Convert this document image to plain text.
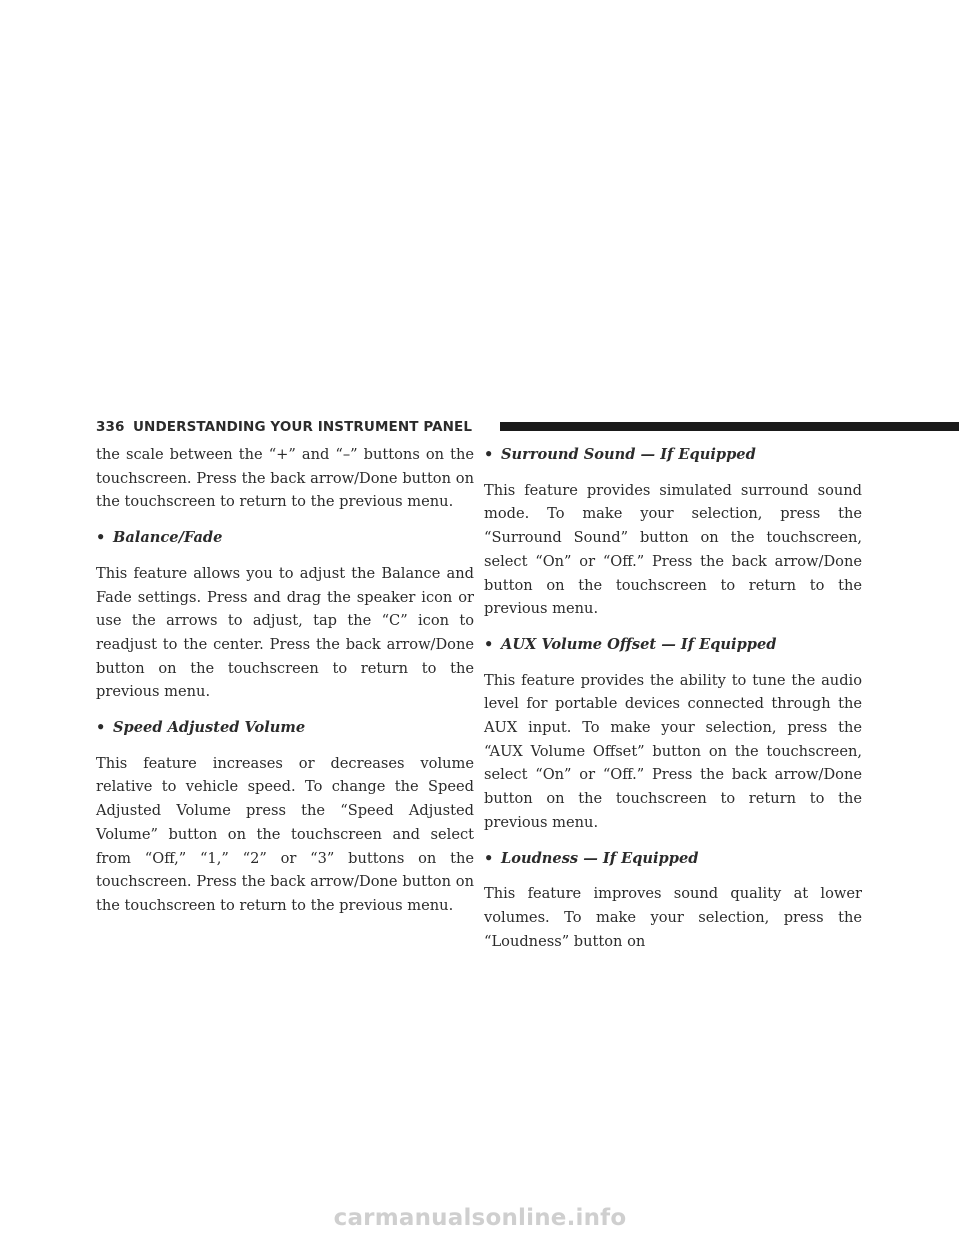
336 UNDERSTANDING YOUR INSTRUMENT PANEL

the scale between the “+” and “–” buttons on the touchscreen. Press the back arrow/Done button on the touchscreen to return to the previous menu.

• Balance/Fade

This feature allows you to adjust the Balance and Fade settings. Press and drag the speaker icon or use the arrows to adjust, tap the “C” icon to readjust to the center. Press the back arrow/Done button on the touchscreen to return to the previous menu.

• Speed Adjusted Volume

This feature increases or decreases volume relative to vehicle speed. To change the Speed Adjusted Volume press the “Speed Adjusted Volume” button on the touchscreen and select from “Off,” “1,” “2” or “3” buttons on the touchscreen. Press the back arrow/Done button on the touchscreen to return to the previous menu.

• Surround Sound — If Equipped

This feature provides simulated surround sound mode. To make your selection, press the “Surround Sound” button on the touchscreen, select “On” or “Off.” Press the back arrow/Done button on the touchscreen to return to the previous menu.

• AUX Volume Offset — If Equipped

This feature provides the ability to tune the audio level for portable devices connected through the AUX input. To make your selection, press the “AUX Volume Offset” button on the touchscreen, select “On” or “Off.” Press the back arrow/Done button on the touchscreen to return to the previous menu.

• Loudness — If Equipped

This feature improves sound quality at lower volumes. To make your selection, press the “Loudness” button on

carmanualsonline.info
